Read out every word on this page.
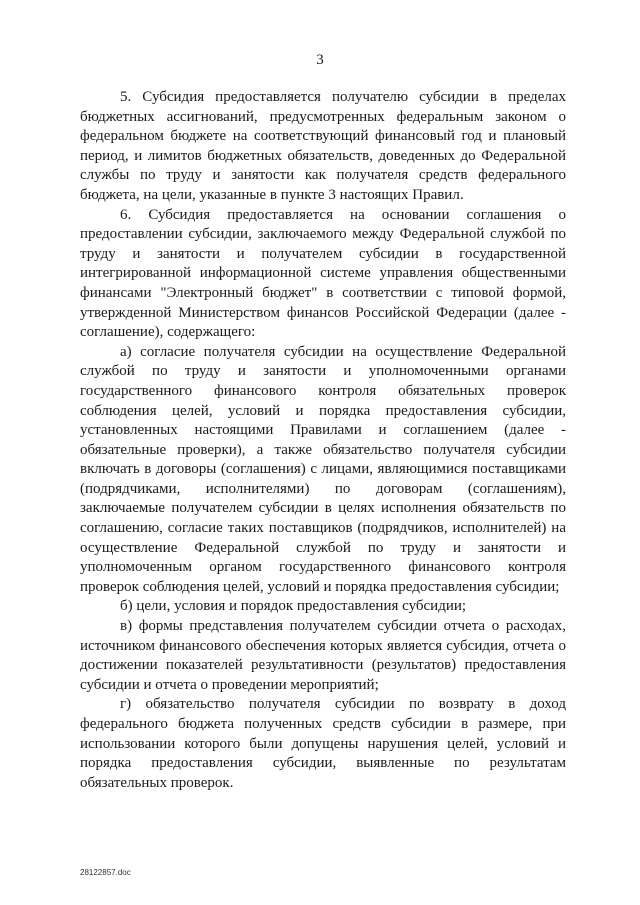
3

5. Субсидия предоставляется получателю субсидии в пределах бюджетных ассигнований, предусмотренных федеральным законом о федеральном бюджете на соответствующий финансовый год и плановый период, и лимитов бюджетных обязательств, доведенных до Федеральной службы по труду и занятости как получателя средств федерального бюджета, на цели, указанные в пункте 3 настоящих Правил.

6. Субсидия предоставляется на основании соглашения о предоставлении субсидии, заключаемого между Федеральной службой по труду и занятости и получателем субсидии в государственной интегрированной информационной системе управления общественными финансами "Электронный бюджет" в соответствии с типовой формой, утвержденной Министерством финансов Российской Федерации (далее - соглашение), содержащего:

а) согласие получателя субсидии на осуществление Федеральной службой по труду и занятости и уполномоченными органами государственного финансового контроля обязательных проверок соблюдения целей, условий и порядка предоставления субсидии, установленных настоящими Правилами и соглашением (далее - обязательные проверки), а также обязательство получателя субсидии включать в договоры (соглашения) с лицами, являющимися поставщиками (подрядчиками, исполнителями) по договорам (соглашениям), заключаемые получателем субсидии в целях исполнения обязательств по соглашению, согласие таких поставщиков (подрядчиков, исполнителей) на осуществление Федеральной службой по труду и занятости и уполномоченным органом государственного финансового контроля проверок соблюдения целей, условий и порядка предоставления субсидии;

б) цели, условия и порядок предоставления субсидии;

в) формы представления получателем субсидии отчета о расходах, источником финансового обеспечения которых является субсидия, отчета о достижении показателей результативности (результатов) предоставления субсидии и отчета о проведении мероприятий;

г) обязательство получателя субсидии по возврату в доход федерального бюджета полученных средств субсидии в размере, при использовании которого были допущены нарушения целей, условий и порядка предоставления субсидии, выявленные по результатам обязательных проверок.

28122857.doc
